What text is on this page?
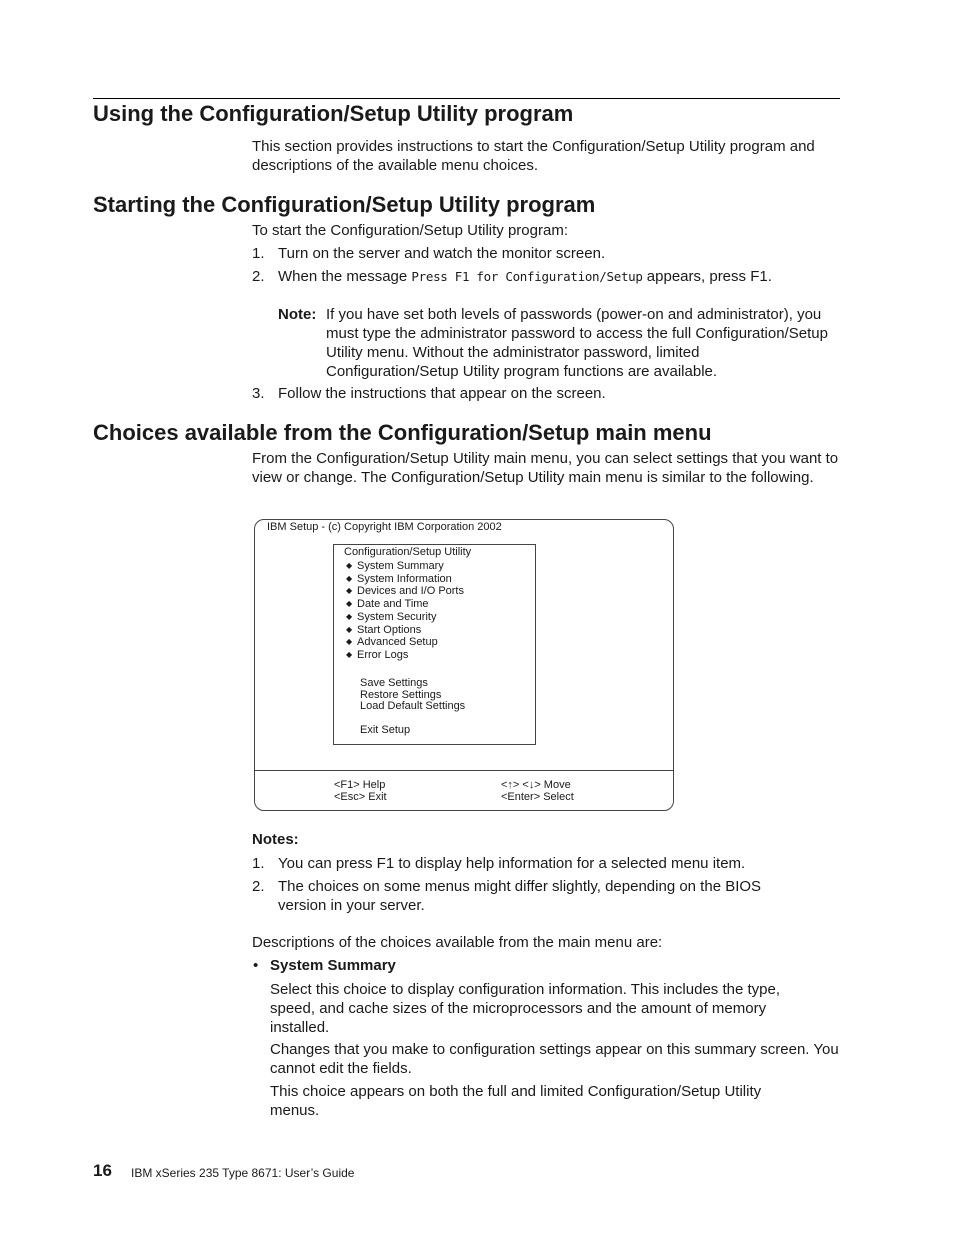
Using the Configuration/Setup Utility program

This section provides instructions to start the Configuration/Setup Utility program and descriptions of the available menu choices.

Starting the Configuration/Setup Utility program

To start the Configuration/Setup Utility program:

1. Turn on the server and watch the monitor screen.

2. When the message Press F1 for Configuration/Setup appears, press F1.

Note: If you have set both levels of passwords (power-on and administrator), you must type the administrator password to access the full Configuration/Setup Utility menu. Without the administrator password, limited Configuration/Setup Utility program functions are available.

3. Follow the instructions that appear on the screen.

Choices available from the Configuration/Setup main menu

From the Configuration/Setup Utility main menu, you can select settings that you want to view or change. The Configuration/Setup Utility main menu is similar to the following.

IBM Setup - (c) Copyright IBM Corporation 2002
Configuration/Setup Utility
◆ System Summary
◆ System Information
◆ Devices and I/O Ports
◆ Date and Time
◆ System Security
◆ Start Options
◆ Advanced Setup
◆ Error Logs
Save Settings
Restore Settings
Load Default Settings
Exit Setup
<F1> Help
<Esc> Exit
<↑> <↓> Move
<Enter> Select
Notes:
1. You can press F1 to display help information for a selected menu item.

2. The choices on some menus might differ slightly, depending on the BIOS version in your server.

Descriptions of the choices available from the main menu are:

• System Summary

Select this choice to display configuration information. This includes the type, speed, and cache sizes of the microprocessors and the amount of memory installed.

Changes that you make to configuration settings appear on this summary screen. You cannot edit the fields.

This choice appears on both the full and limited Configuration/Setup Utility menus.

16 IBM xSeries 235 Type 8671: User’s Guide
